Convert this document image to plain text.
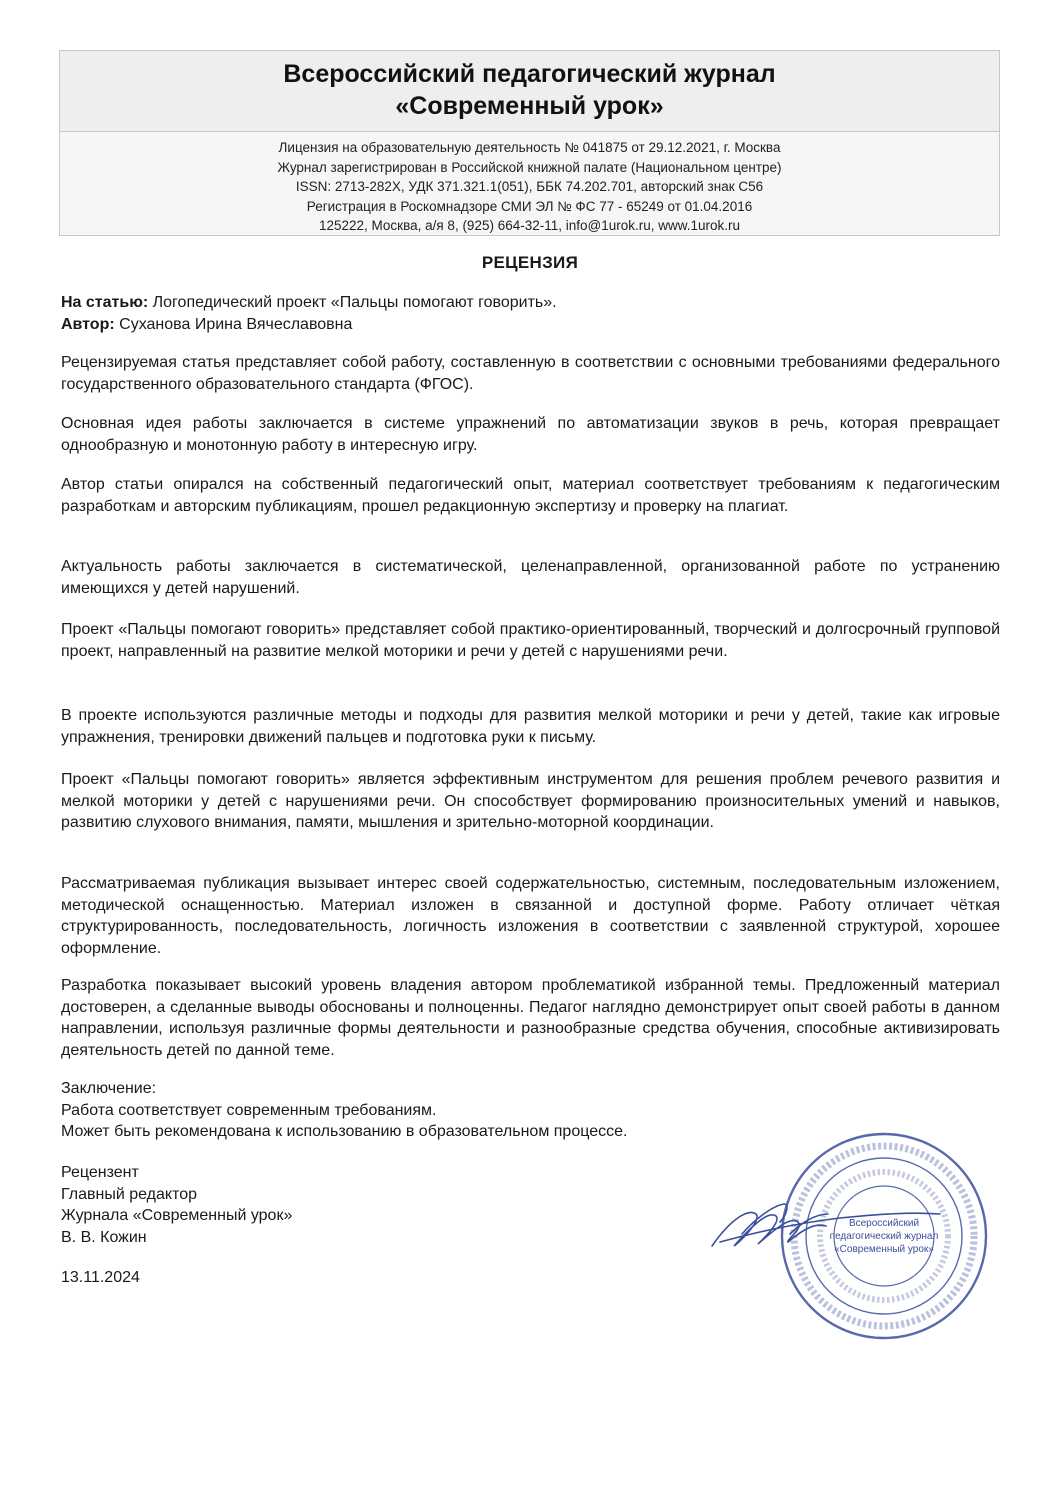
Всероссийский педагогический журнал
«Современный урок»
Лицензия на образовательную деятельность № 041875 от 29.12.2021, г. Москва
Журнал зарегистрирован в Российской книжной палате (Национальном центре)
ISSN: 2713-282X, УДК 371.321.1(051), ББК 74.202.701, авторский знак С56
Регистрация в Роскомнадзоре СМИ ЭЛ № ФС 77 - 65249 от 01.04.2016
125222, Москва, а/я 8, (925) 664-32-11, info@1urok.ru, www.1urok.ru
РЕЦЕНЗИЯ
На статью: Логопедический проект «Пальцы помогают говорить».
Автор: Суханова Ирина Вячеславовна
Рецензируемая статья представляет собой работу, составленную в соответствии с основными требованиями федерального государственного образовательного стандарта (ФГОС).
Основная идея работы заключается в системе упражнений по автоматизации звуков в речь, которая превращает однообразную и монотонную работу в интересную игру.
Автор статьи опирался на собственный педагогический опыт, материал соответствует требованиям к педагогическим разработкам и авторским публикациям, прошел редакционную экспертизу и проверку на плагиат.
Актуальность работы заключается в систематической, целенаправленной, организованной работе по устранению имеющихся у детей нарушений.
Проект «Пальцы помогают говорить» представляет собой практико-ориентированный, творческий и долгосрочный групповой проект, направленный на развитие мелкой моторики и речи у детей с нарушениями речи.
В проекте используются различные методы и подходы для развития мелкой моторики и речи у детей, такие как игровые упражнения, тренировки движений пальцев и подготовка руки к письму.
Проект «Пальцы помогают говорить» является эффективным инструментом для решения проблем речевого развития и мелкой моторики у детей с нарушениями речи. Он способствует формированию произносительных умений и навыков, развитию слухового внимания, памяти, мышления и зрительно-моторной координации.
Рассматриваемая публикация вызывает интерес своей содержательностью, системным, последовательным изложением, методической оснащенностью. Материал изложен в связанной и доступной форме. Работу отличает чёткая структурированность, последовательность, логичность изложения в соответствии с заявленной структурой, хорошее оформление.
Разработка показывает высокий уровень владения автором проблематикой избранной темы. Предложенный материал достоверен, а сделанные выводы обоснованы и полноценны. Педагог наглядно демонстрирует опыт своей работы в данном направлении, используя различные формы деятельности и разнообразные средства обучения, способные активизировать деятельность детей по данной теме.
Заключение:
Работа соответствует современным требованиям.
Может быть рекомендована к использованию в образовательном процессе.
Рецензент
Главный редактор
Журнала «Современный урок»
В. В. Кожин
13.11.2024
Всероссийский
педагогический журнал
«Современный урок»
